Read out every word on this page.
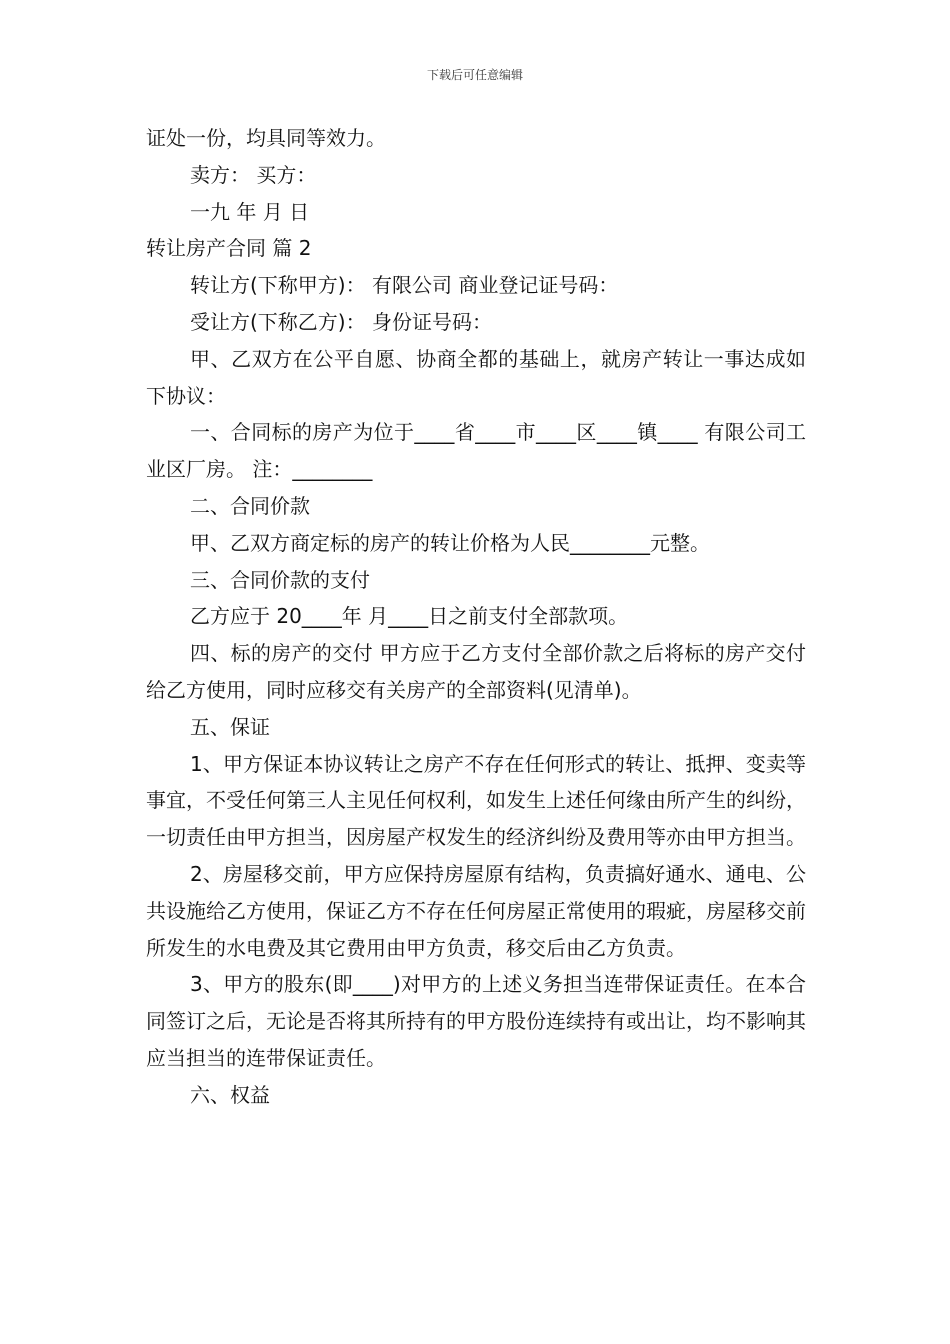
下载后可任意编辑

证处一份，均具同等效力。

卖方： 买方：

一九 年 月 日

转让房产合同 篇 2

转让方(下称甲方)： 有限公司 商业登记证号码：

受让方(下称乙方)： 身份证号码：

甲、乙双方在公平自愿、协商全都的基础上，就房产转让一事达成如下协议：

一、合同标的房产为位于____省____市____区____镇____ 有限公司工业区厂房。 注：________

二、合同价款

甲、乙双方商定标的房产的转让价格为人民________元整。

三、合同价款的支付

乙方应于 20____年 月____日之前支付全部款项。

四、标的房产的交付 甲方应于乙方支付全部价款之后将标的房产交付给乙方使用，同时应移交有关房产的全部资料(见清单)。

五、保证

1、甲方保证本协议转让之房产不存在任何形式的转让、抵押、变卖等事宜，不受任何第三人主见任何权利，如发生上述任何缘由所产生的纠纷，一切责任由甲方担当，因房屋产权发生的经济纠纷及费用等亦由甲方担当。

2、房屋移交前，甲方应保持房屋原有结构，负责搞好通水、通电、公共设施给乙方使用，保证乙方不存在任何房屋正常使用的瑕疵，房屋移交前所发生的水电费及其它费用由甲方负责，移交后由乙方负责。

3、甲方的股东(即____)对甲方的上述义务担当连带保证责任。在本合同签订之后，无论是否将其所持有的甲方股份连续持有或出让，均不影响其应当担当的连带保证责任。

六、权益
